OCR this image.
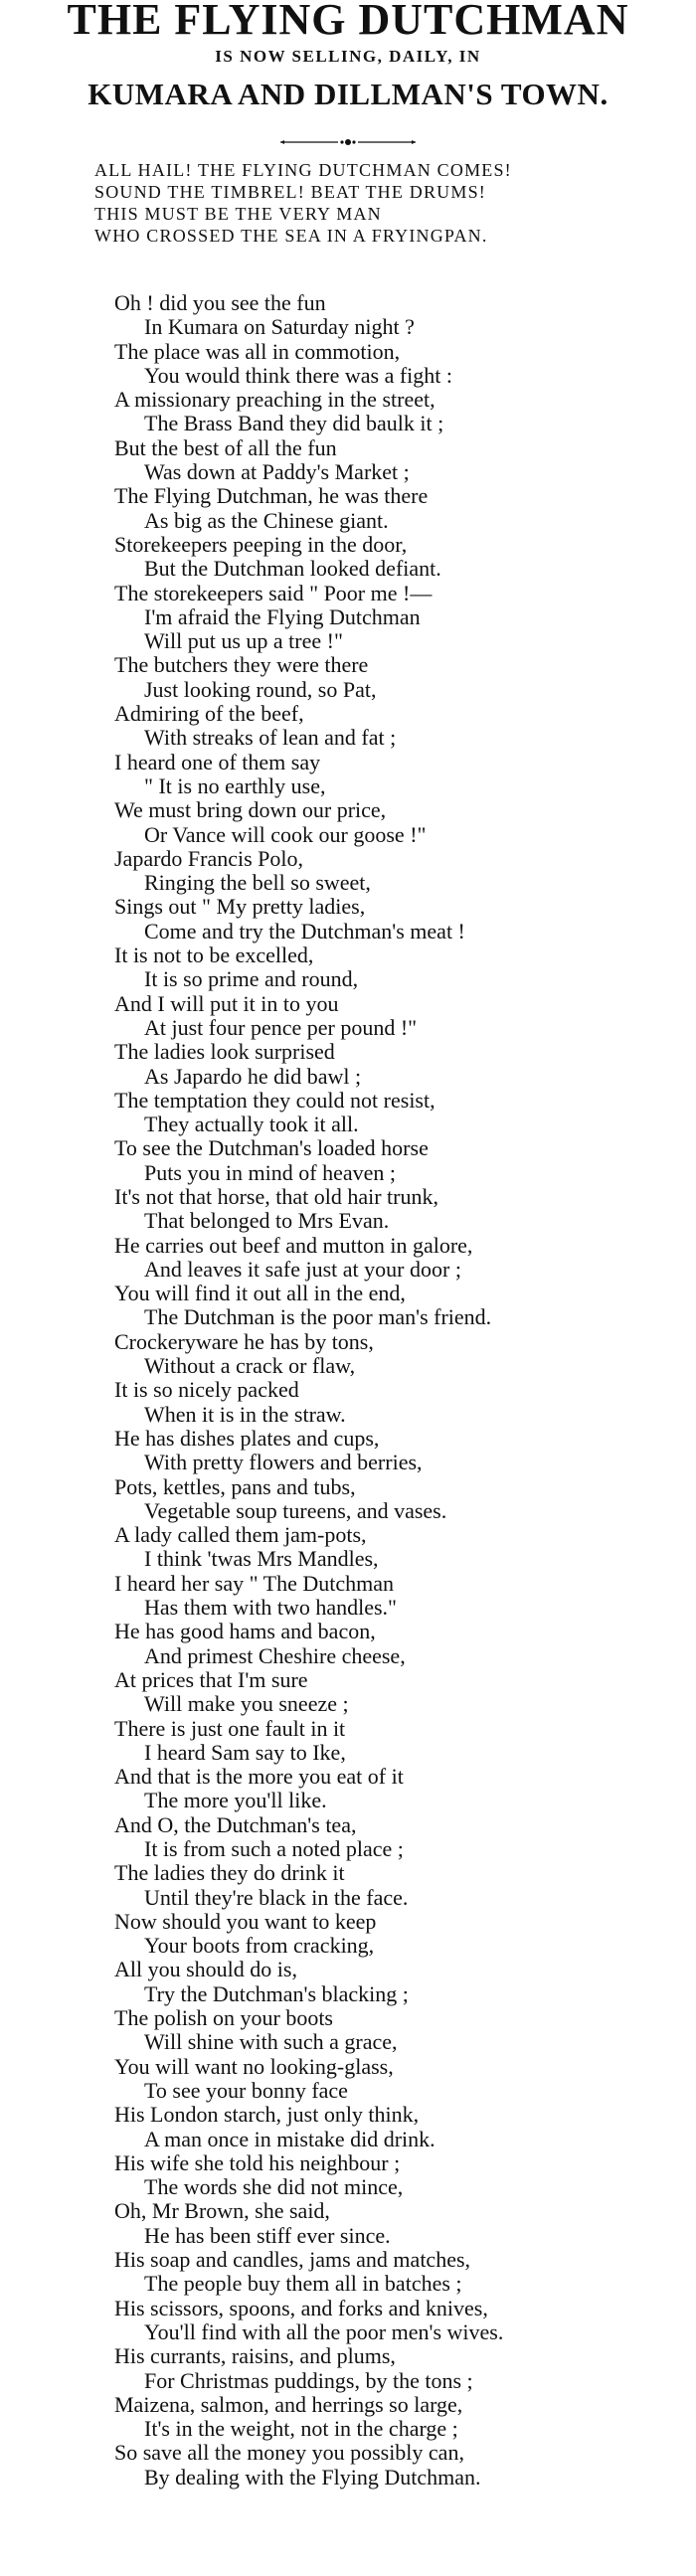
THE FLYING DUTCHMAN
IS NOW SELLING, DAILY, IN
KUMARA AND DILLMAN'S TOWN.
ALL HAIL! THE FLYING DUTCHMAN COMES!
SOUND THE TIMBREL! BEAT THE DRUMS!
THIS MUST BE THE VERY MAN
WHO CROSSED THE SEA IN A FRYINGPAN.
Oh ! did you see the fun
In Kumara on Saturday night ?
The place was all in commotion,
You would think there was a fight :
A missionary preaching in the street,
The Brass Band they did baulk it ;
But the best of all the fun
Was down at Paddy's Market ;
The Flying Dutchman, he was there
As big as the Chinese giant.
Storekeepers peeping in the door,
But the Dutchman looked defiant.
The storekeepers said " Poor me !—
I'm afraid the Flying Dutchman
Will put us up a tree !"
The butchers they were there
Just looking round, so Pat,
Admiring of the beef,
With streaks of lean and fat ;
I heard one of them say
" It is no earthly use,
We must bring down our price,
Or Vance will cook our goose !"
Japardo Francis Polo,
Ringing the bell so sweet,
Sings out " My pretty ladies,
Come and try the Dutchman's meat !
It is not to be excelled,
It is so prime and round,
And I will put it in to you
At just four pence per pound !"
The ladies look surprised
As Japardo he did bawl ;
The temptation they could not resist,
They actually took it all.
To see the Dutchman's loaded horse
Puts you in mind of heaven ;
It's not that horse, that old hair trunk,
That belonged to Mrs Evan.
He carries out beef and mutton in galore,
And leaves it safe just at your door ;
You will find it out all in the end,
The Dutchman is the poor man's friend.
Crockeryware he has by tons,
Without a crack or flaw,
It is so nicely packed
When it is in the straw.
He has dishes plates and cups,
With pretty flowers and berries,
Pots, kettles, pans and tubs,
Vegetable soup tureens, and vases.
A lady called them jam-pots,
I think 'twas Mrs Mandles,
I heard her say " The Dutchman
Has them with two handles."
He has good hams and bacon,
And primest Cheshire cheese,
At prices that I'm sure
Will make you sneeze ;
There is just one fault in it
I heard Sam say to Ike,
And that is the more you eat of it
The more you'll like.
And O, the Dutchman's tea,
It is from such a noted place ;
The ladies they do drink it
Until they're black in the face.
Now should you want to keep
Your boots from cracking,
All you should do is,
Try the Dutchman's blacking ;
The polish on your boots
Will shine with such a grace,
You will want no looking-glass,
To see your bonny face
His London starch, just only think,
A man once in mistake did drink.
His wife she told his neighbour ;
The words she did not mince,
Oh, Mr Brown, she said,
He has been stiff ever since.
His soap and candles, jams and matches,
The people buy them all in batches ;
His scissors, spoons, and forks and knives,
You'll find with all the poor men's wives.
His currants, raisins, and plums,
For Christmas puddings, by the tons ;
Maizena, salmon, and herrings so large,
It's in the weight, not in the charge ;
So save all the money you possibly can,
By dealing with the Flying Dutchman.
